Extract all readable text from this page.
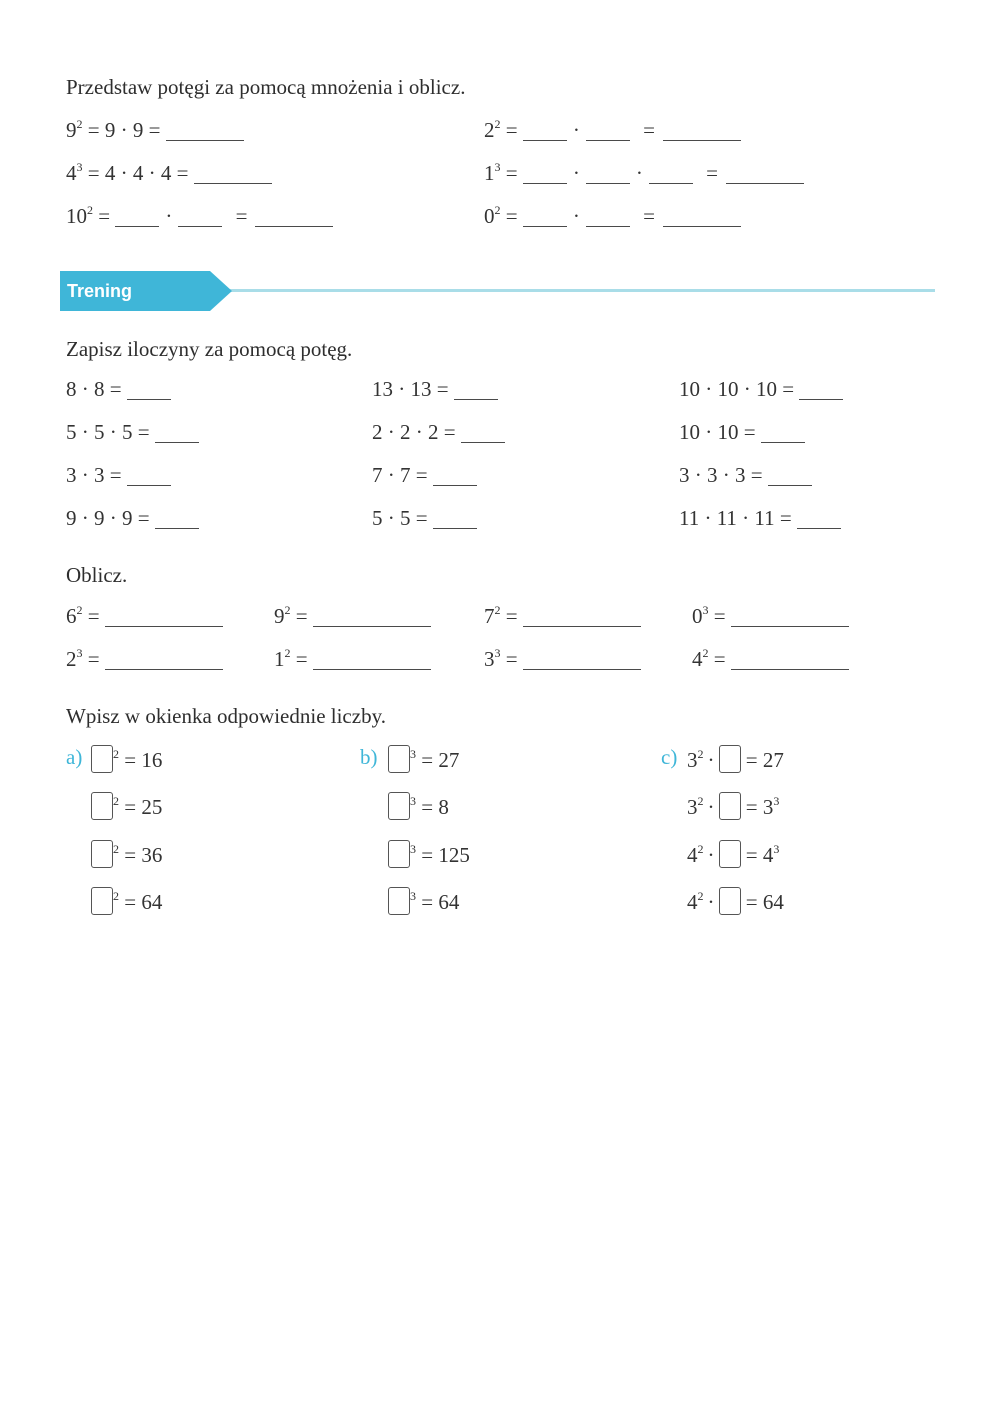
Przedstaw potęgi za pomocą mnożenia i oblicz.
$9^2 = 9 \cdot 9$ =	$2^2$ = ·	=
$4^3 = 4 \cdot 4 \cdot 4$ =	$1^3$ = ·	·	=
$10^2$ = ·	=	$0^2$ = ·	=
Trening
Zapisz iloczyny za pomocą potęg.
8 · 8 =	13 · 13 =	10 · 10 · 10 =
5 · 5 · 5 =	2 · 2 · 2 =	10 · 10 =
3 · 3 =	7 · 7 =	3 · 3 · 3 =
9 · 9 · 9 =	5 · 5 =	11 · 11 · 11 =
Oblicz.
$6^2$ =	$9^2$ =	$7^2$ =	$0^3$ =
$2^3$ =	$1^2$ =	$3^3$ =	$4^2$ =
Wpisz w okienka odpowiednie liczby.
a)	$^2$ = 16
$^2$ = 25
$^2$ = 36
$^2$ = 64
b)	$^3$ = 27
$^3$ = 8
$^3$ = 125
$^3$ = 64
c) $3^2$ · = 27
$3^2$ · = $3^3$
$4^2$ · = $4^3$
$4^2$ · = 64
